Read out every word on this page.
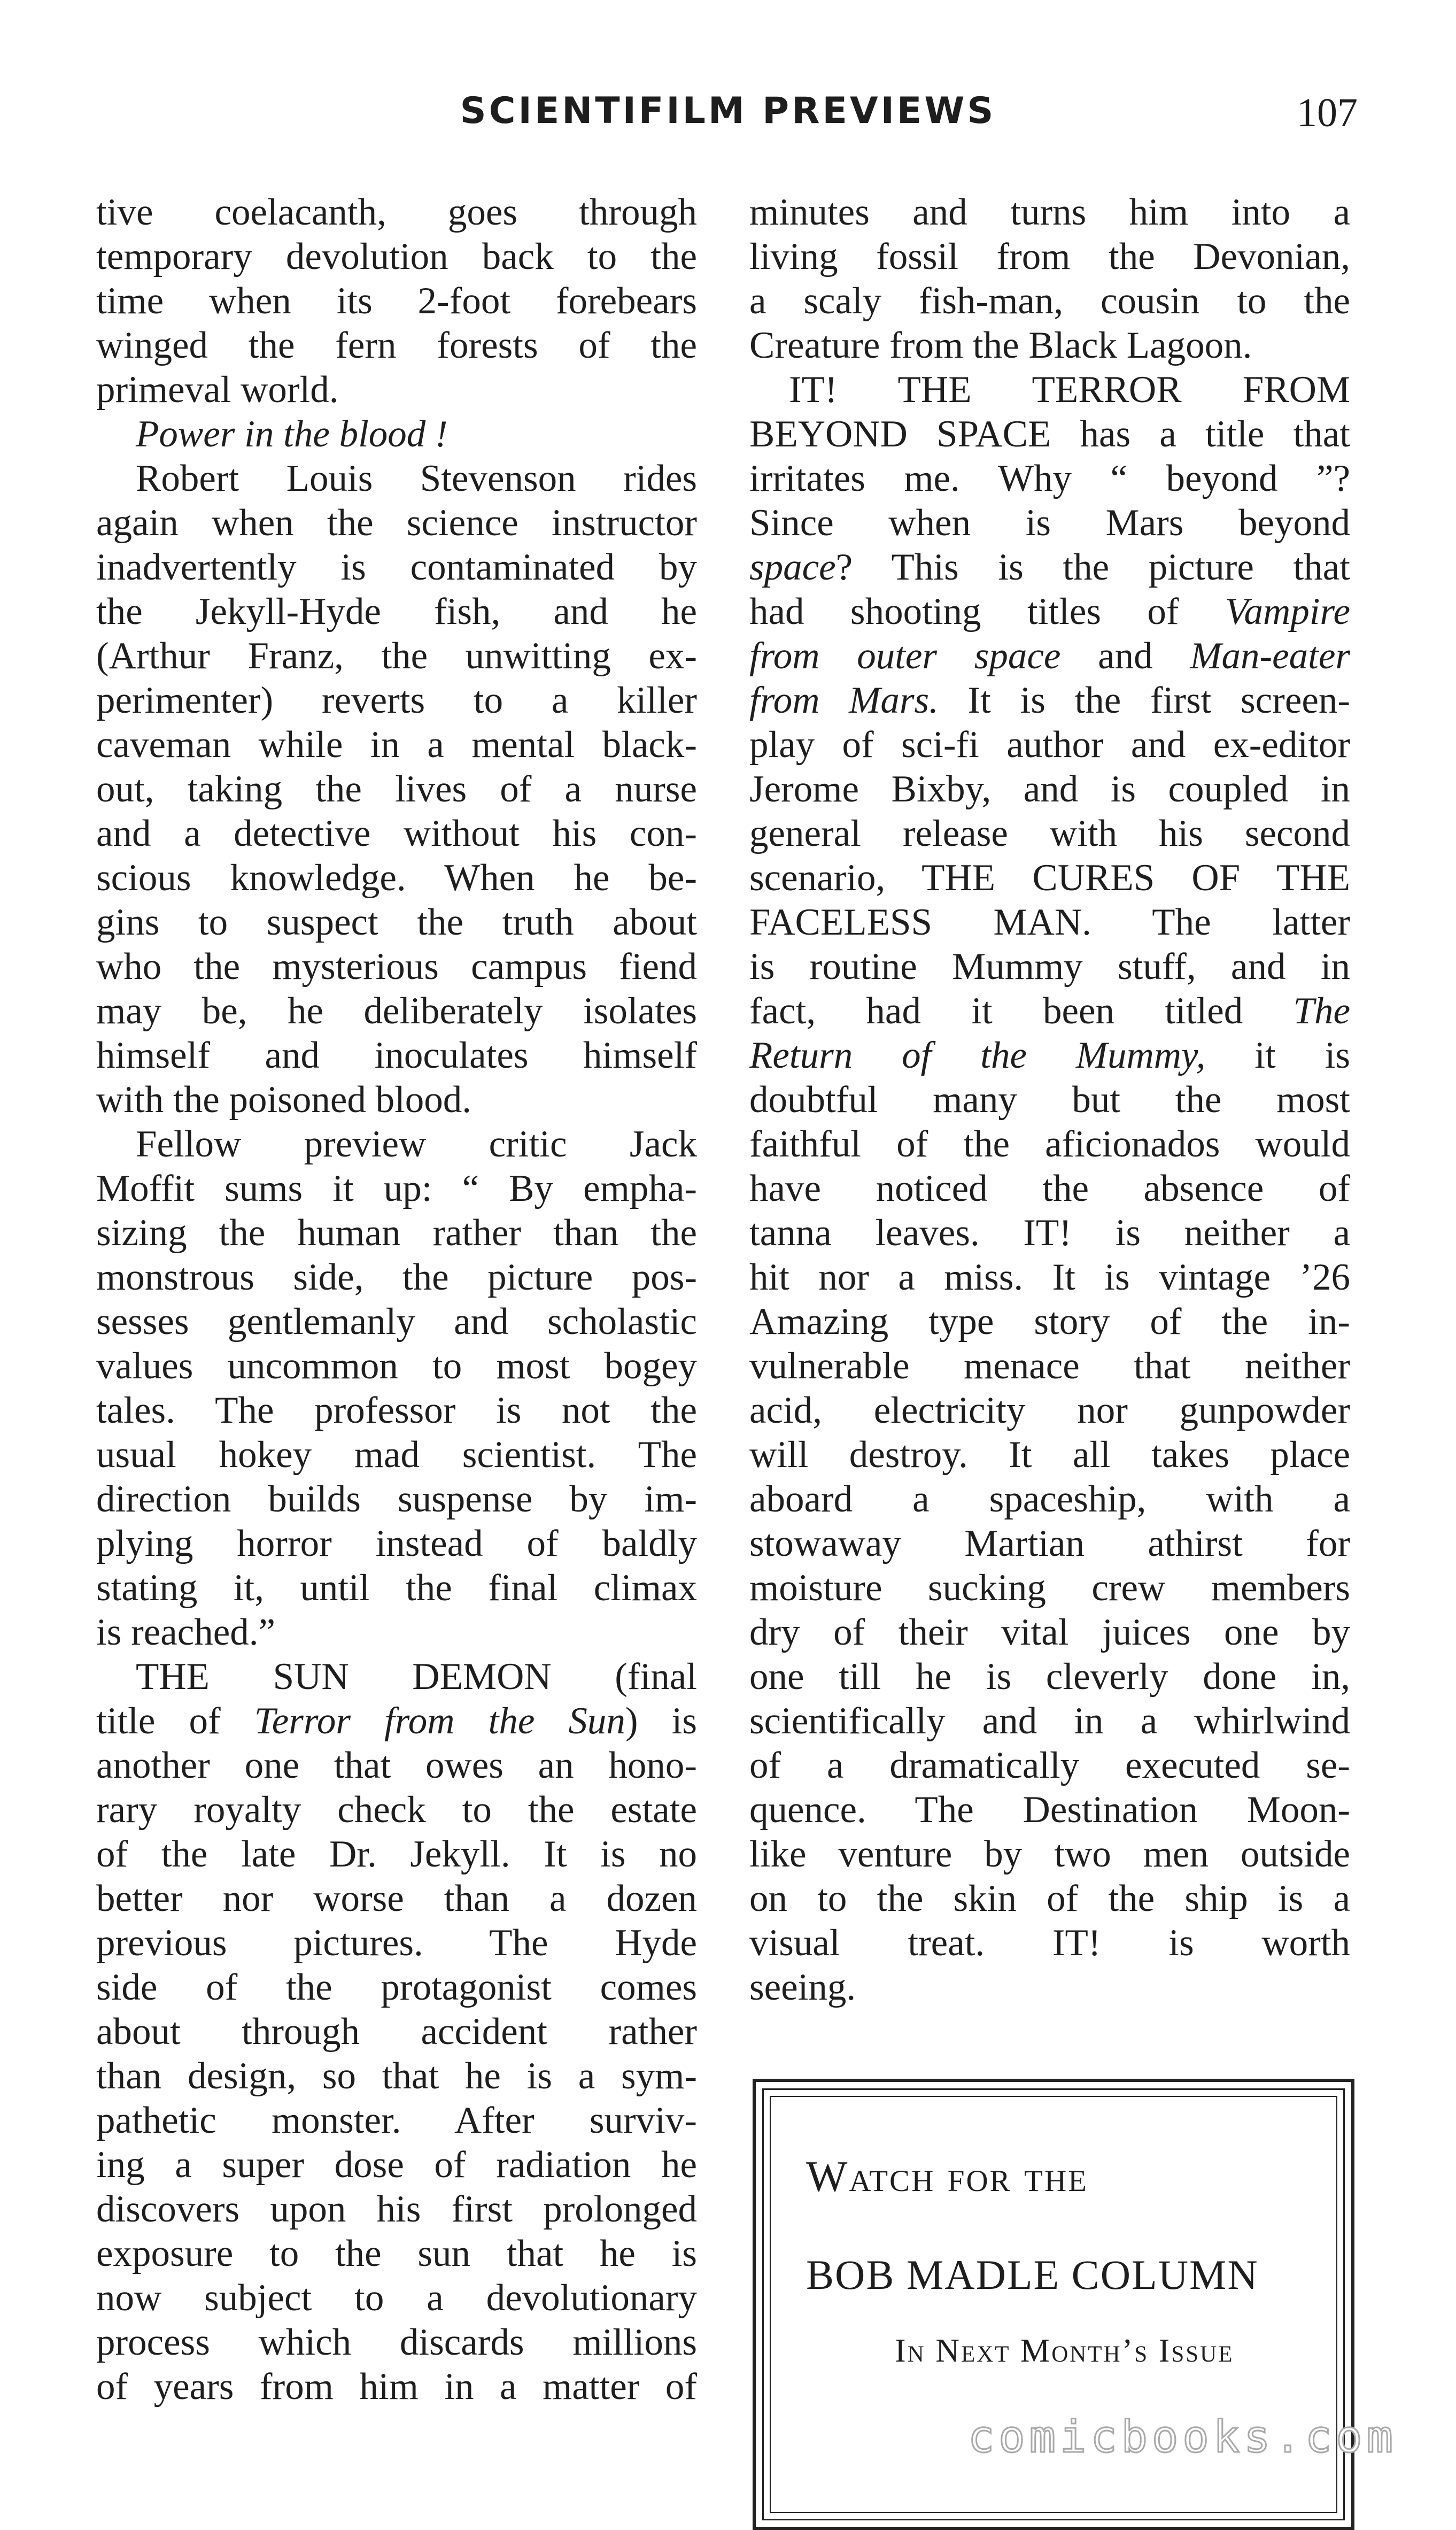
SCIENTIFILM PREVIEWS	107
tive coelacanth, goes through
temporary devolution back to the
time when its 2-foot forebears
winged the fern forests of the
primeval world.
Power in the blood !
Robert Louis Stevenson rides
again when the science instructor
inadvertently is contaminated by
the Jekyll-Hyde fish, and he
(Arthur Franz, the unwitting ex-
perimenter) reverts to a killer
caveman while in a mental black-
out, taking the lives of a nurse
and a detective without his con-
scious knowledge. When he be-
gins to suspect the truth about
who the mysterious campus fiend
may be, he deliberately isolates
himself and inoculates himself
with the poisoned blood.
Fellow preview critic Jack
Moffit sums it up: “ By empha-
sizing the human rather than the
monstrous side, the picture pos-
sesses gentlemanly and scholastic
values uncommon to most bogey
tales. The professor is not the
usual hokey mad scientist. The
direction builds suspense by im-
plying horror instead of baldly
stating it, until the final climax
is reached.”
THE SUN DEMON (final
title of Terror from the Sun) is
another one that owes an hono-
rary royalty check to the estate
of the late Dr. Jekyll. It is no
better nor worse than a dozen
previous pictures. The Hyde
side of the protagonist comes
about through accident rather
than design, so that he is a sym-
pathetic monster. After surviv-
ing a super dose of radiation he
discovers upon his first prolonged
exposure to the sun that he is
now subject to a devolutionary
process which discards millions
of years from him in a matter of
minutes and turns him into a
living fossil from the Devonian,
a scaly fish-man, cousin to the
Creature from the Black Lagoon.
IT! THE TERROR FROM
BEYOND SPACE has a title that
irritates me. Why “ beyond ”?
Since when is Mars beyond
space? This is the picture that
had shooting titles of Vampire
from outer space and Man-eater
from Mars. It is the first screen-
play of sci-fi author and ex-editor
Jerome Bixby, and is coupled in
general release with his second
scenario, THE CURES OF THE
FACELESS MAN. The latter
is routine Mummy stuff, and in
fact, had it been titled The
Return of the Mummy, it is
doubtful many but the most
faithful of the aficionados would
have noticed the absence of
tanna leaves. IT! is neither a
hit nor a miss. It is vintage ’26
Amazing type story of the in-
vulnerable menace that neither
acid, electricity nor gunpowder
will destroy. It all takes place
aboard a spaceship, with a
stowaway Martian athirst for
moisture sucking crew members
dry of their vital juices one by
one till he is cleverly done in,
scientifically and in a whirlwind
of a dramatically executed se-
quence. The Destination Moon-
like venture by two men outside
on to the skin of the ship is a
visual treat. IT! is worth
seeing.
Watch for the
BOB MADLE COLUMN
In Next Month’s Issue
comicbooks.com
